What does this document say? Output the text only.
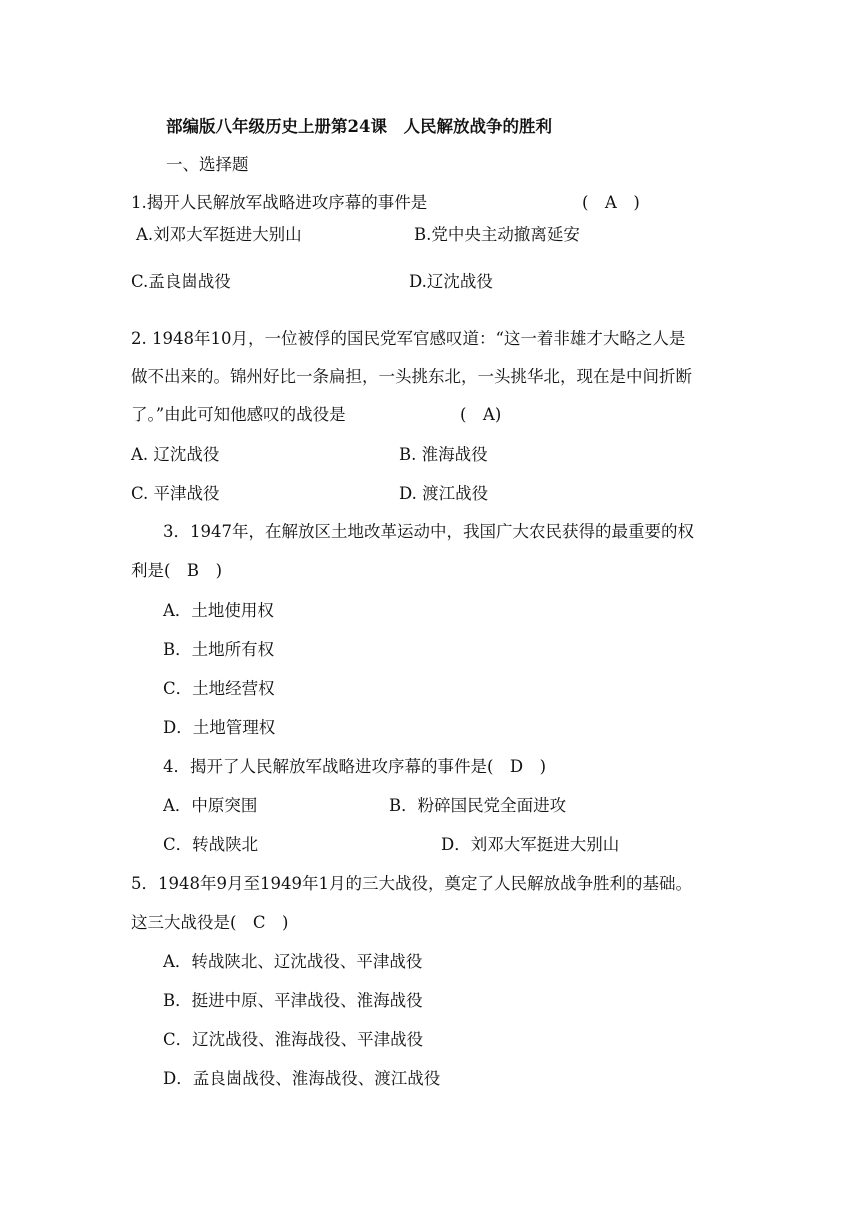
部编版八年级历史上册第24课　人民解放战争的胜利
一、选择题
1.揭开人民解放军战略进攻序幕的事件是	(　A　)
A.刘邓大军挺进大别山	B.党中央主动撤离延安
C.孟良崮战役	D.辽沈战役
2. 1948年10月，一位被俘的国民党军官感叹道：“这一着非雄才大略之人是
做不出来的。锦州好比一条扁担，一头挑东北，一头挑华北，现在是中间折断
了。”由此可知他感叹的战役是	(　A)
A. 辽沈战役	B. 淮海战役
C. 平津战役	D. 渡江战役
3．1947年，在解放区土地改革运动中，我国广大农民获得的最重要的权
利是(　B　)
A．土地使用权
B．土地所有权
C．土地经营权
D．土地管理权
4．揭开了人民解放军战略进攻序幕的事件是(　D　)
A．中原突围	B．粉碎国民党全面进攻
C．转战陕北	D．刘邓大军挺进大别山
5．1948年9月至1949年1月的三大战役，奠定了人民解放战争胜利的基础。
这三大战役是(　C　)
A．转战陕北、辽沈战役、平津战役
B．挺进中原、平津战役、淮海战役
C．辽沈战役、淮海战役、平津战役
D．孟良崮战役、淮海战役、渡江战役
